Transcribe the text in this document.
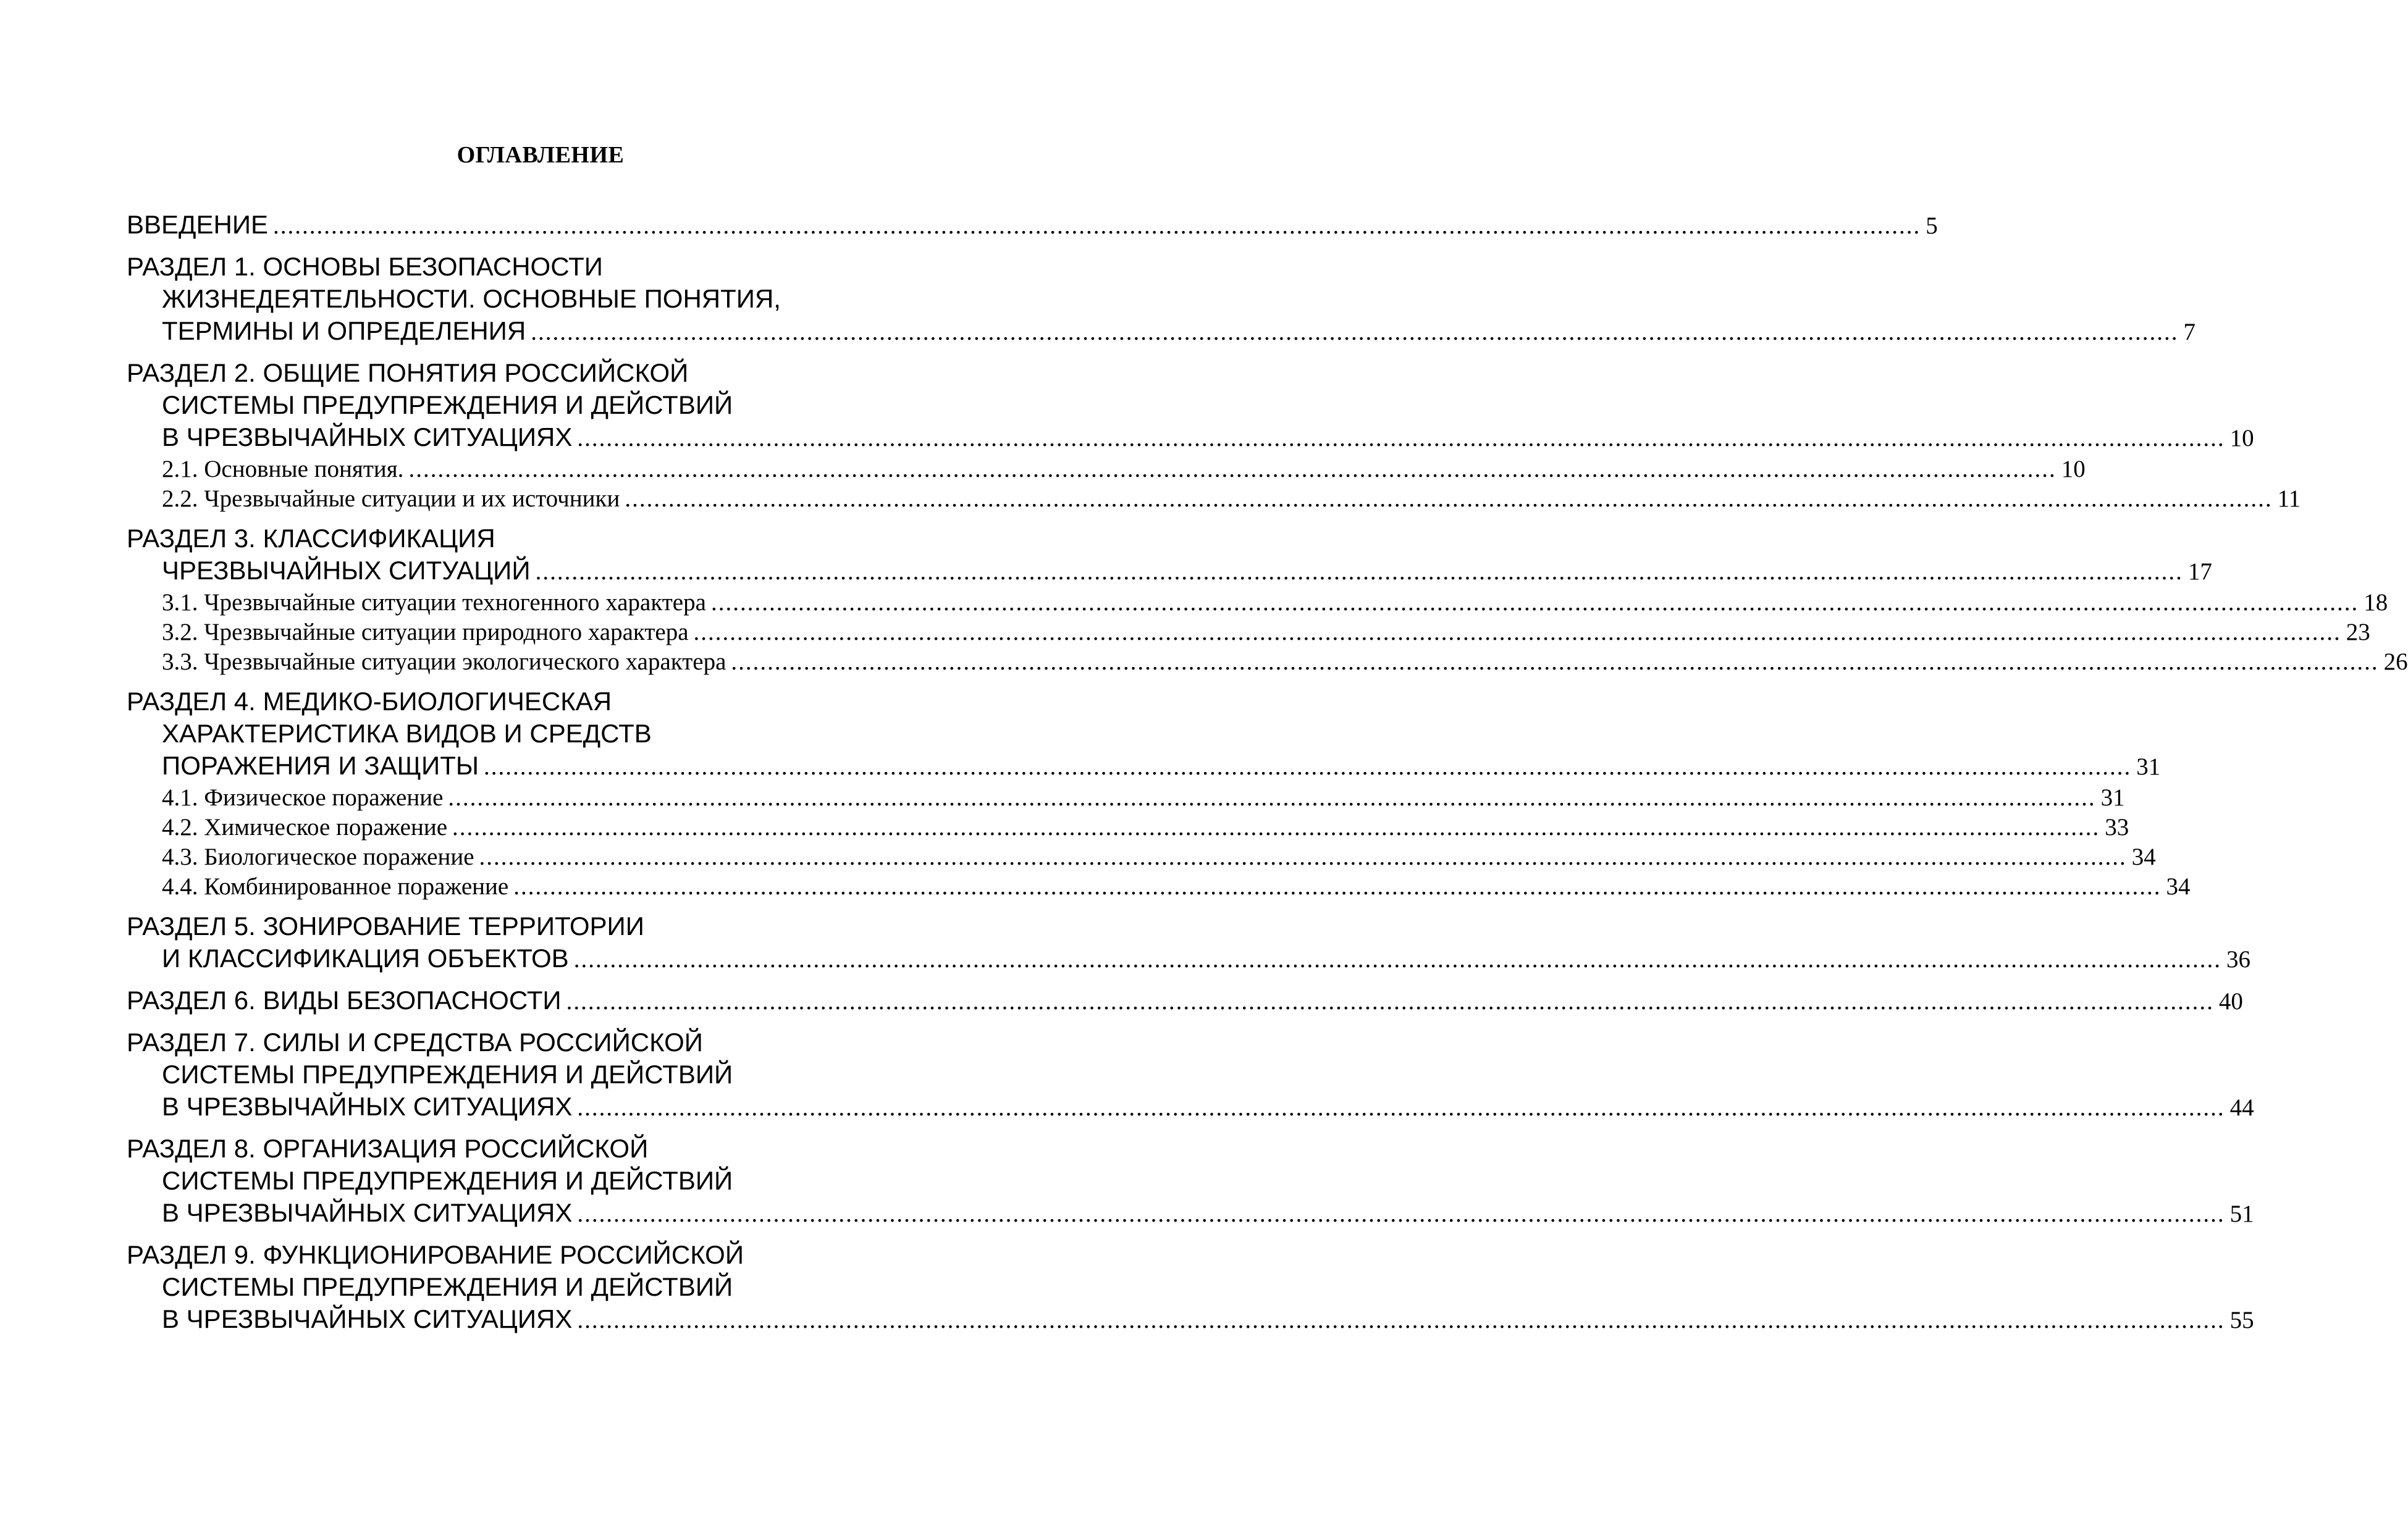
ОГЛАВЛЕНИЕ
ВВЕДЕНИЕ ................................................................................................................................................................................................................................... 5
РАЗДЕЛ 1. ОСНОВЫ БЕЗОПАСНОСТИ
ЖИЗНЕДЕЯТЕЛЬНОСТИ. ОСНОВНЫЕ ПОНЯТИЯ,
ТЕРМИНЫ И ОПРЕДЕЛЕНИЯ ................................................................................................................................................................................................................................... 7
РАЗДЕЛ 2. ОБЩИЕ ПОНЯТИЯ РОССИЙСКОЙ
СИСТЕМЫ ПРЕДУПРЕЖДЕНИЯ И ДЕЙСТВИЙ
В ЧРЕЗВЫЧАЙНЫХ СИТУАЦИЯХ ................................................................................................................................................................................................................................... 10
2.1. Основные понятия. ................................................................................................................................................................................................................................... 10
2.2. Чрезвычайные ситуации и их источники ................................................................................................................................................................................................................................... 11
РАЗДЕЛ 3. КЛАССИФИКАЦИЯ
ЧРЕЗВЫЧАЙНЫХ СИТУАЦИЙ ................................................................................................................................................................................................................................... 17
3.1. Чрезвычайные ситуации техногенного характера ................................................................................................................................................................................................................................... 18
3.2. Чрезвычайные ситуации природного характера ................................................................................................................................................................................................................................... 23
3.3. Чрезвычайные ситуации экологического характера ................................................................................................................................................................................................................................... 26
РАЗДЕЛ 4. МЕДИКО-БИОЛОГИЧЕСКАЯ
ХАРАКТЕРИСТИКА ВИДОВ И СРЕДСТВ
ПОРАЖЕНИЯ И ЗАЩИТЫ ................................................................................................................................................................................................................................... 31
4.1. Физическое поражение ................................................................................................................................................................................................................................... 31
4.2. Химическое поражение ................................................................................................................................................................................................................................... 33
4.3. Биологическое поражение ................................................................................................................................................................................................................................... 34
4.4. Комбинированное поражение ................................................................................................................................................................................................................................... 34
РАЗДЕЛ 5. ЗОНИРОВАНИЕ ТЕРРИТОРИИ
И КЛАССИФИКАЦИЯ ОБЪЕКТОВ ................................................................................................................................................................................................................................... 36
РАЗДЕЛ 6. ВИДЫ БЕЗОПАСНОСТИ ................................................................................................................................................................................................................................... 40
РАЗДЕЛ 7. СИЛЫ И СРЕДСТВА РОССИЙСКОЙ
СИСТЕМЫ ПРЕДУПРЕЖДЕНИЯ И ДЕЙСТВИЙ
В ЧРЕЗВЫЧАЙНЫХ СИТУАЦИЯХ ................................................................................................................................................................................................................................... 44
РАЗДЕЛ 8. ОРГАНИЗАЦИЯ РОССИЙСКОЙ
СИСТЕМЫ ПРЕДУПРЕЖДЕНИЯ И ДЕЙСТВИЙ
В ЧРЕЗВЫЧАЙНЫХ СИТУАЦИЯХ ................................................................................................................................................................................................................................... 51
РАЗДЕЛ 9. ФУНКЦИОНИРОВАНИЕ РОССИЙСКОЙ
СИСТЕМЫ ПРЕДУПРЕЖДЕНИЯ И ДЕЙСТВИЙ
В ЧРЕЗВЫЧАЙНЫХ СИТУАЦИЯХ ................................................................................................................................................................................................................................... 55
